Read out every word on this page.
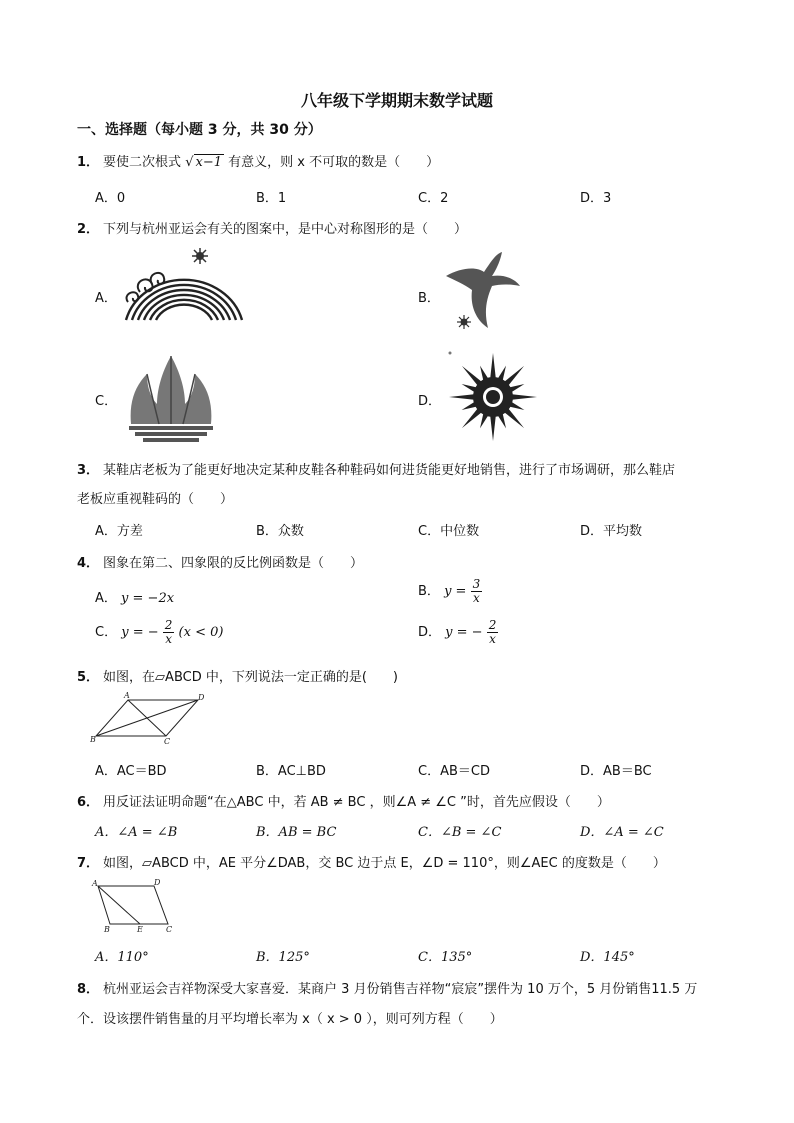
八年级下学期期末数学试题
一、选择题（每小题 3 分，共 30 分）
1． 要使二次根式 √ x−1 有意义，则 x 不可取的数是（　　）
A．0	B．1	C．2	D．3
2． 下列与杭州亚运会有关的图案中，是中心对称图形的是（　　）
A．	B．
C．	D．
3． 某鞋店老板为了能更好地决定某种皮鞋各种鞋码如何进货能更好地销售，进行了市场调研，那么鞋店
老板应重视鞋码的（　　）
A．方差	B．众数	C．中位数	D．平均数
4． 图象在第二、四象限的反比例函数是（　　）
A． y = −2x	B． $y = \frac{3}{x}$
C． y = − $\frac{2}{x} (x < 0)$	D． y = − $\frac{2}{x}$
5． 如图，在▱ABCD 中，下列说法一定正确的是(　　)
A	D
B	C
A．AC＝BD	B．AC⊥BD	C．AB＝CD	D．AB＝BC
6． 用反证法证明命题“在△ABC 中，若 AB ≠ BC ，则∠A ≠ ∠C ”时，首先应假设（　　）
A．∠A = ∠B	B．AB = BC	C．∠B = ∠C	D．∠A = ∠C
7． 如图，▱ABCD 中，AE 平分∠DAB，交 BC 边于点 E，∠D = 110°，则∠AEC 的度数是（　　）
A	D
B	E	C
A．110°	B．125°	C．135°	D．145°
8． 杭州亚运会吉祥物深受大家喜爱．某商户 3 月份销售吉祥物“宸宸”摆件为 10 万个，5 月份销售11.5 万
个．设该摆件销售量的月平均增长率为 x（ x > 0 ），则可列方程（　　）
